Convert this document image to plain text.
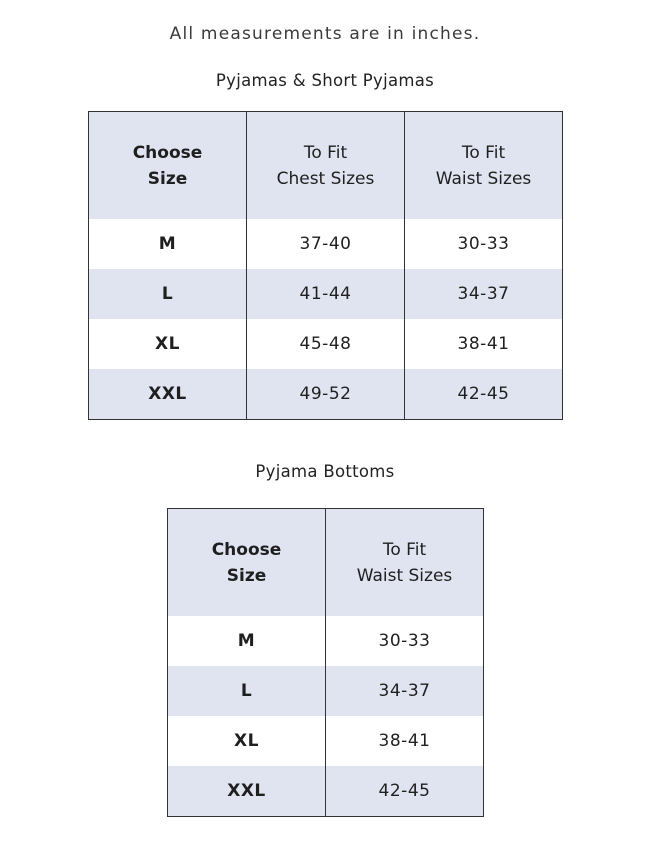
All measurements are in inches.
Pyjamas & Short Pyjamas
Choose
Size	To Fit
Chest Sizes	To Fit
Waist Sizes

M	37-40	30-33
L	41-44	34-37
XL	45-48	38-41
XXL	49-52	42-45
Pyjama Bottoms
Choose
Size	To Fit
Waist Sizes

M	30-33
L	34-37
XL	38-41
XXL	42-45
